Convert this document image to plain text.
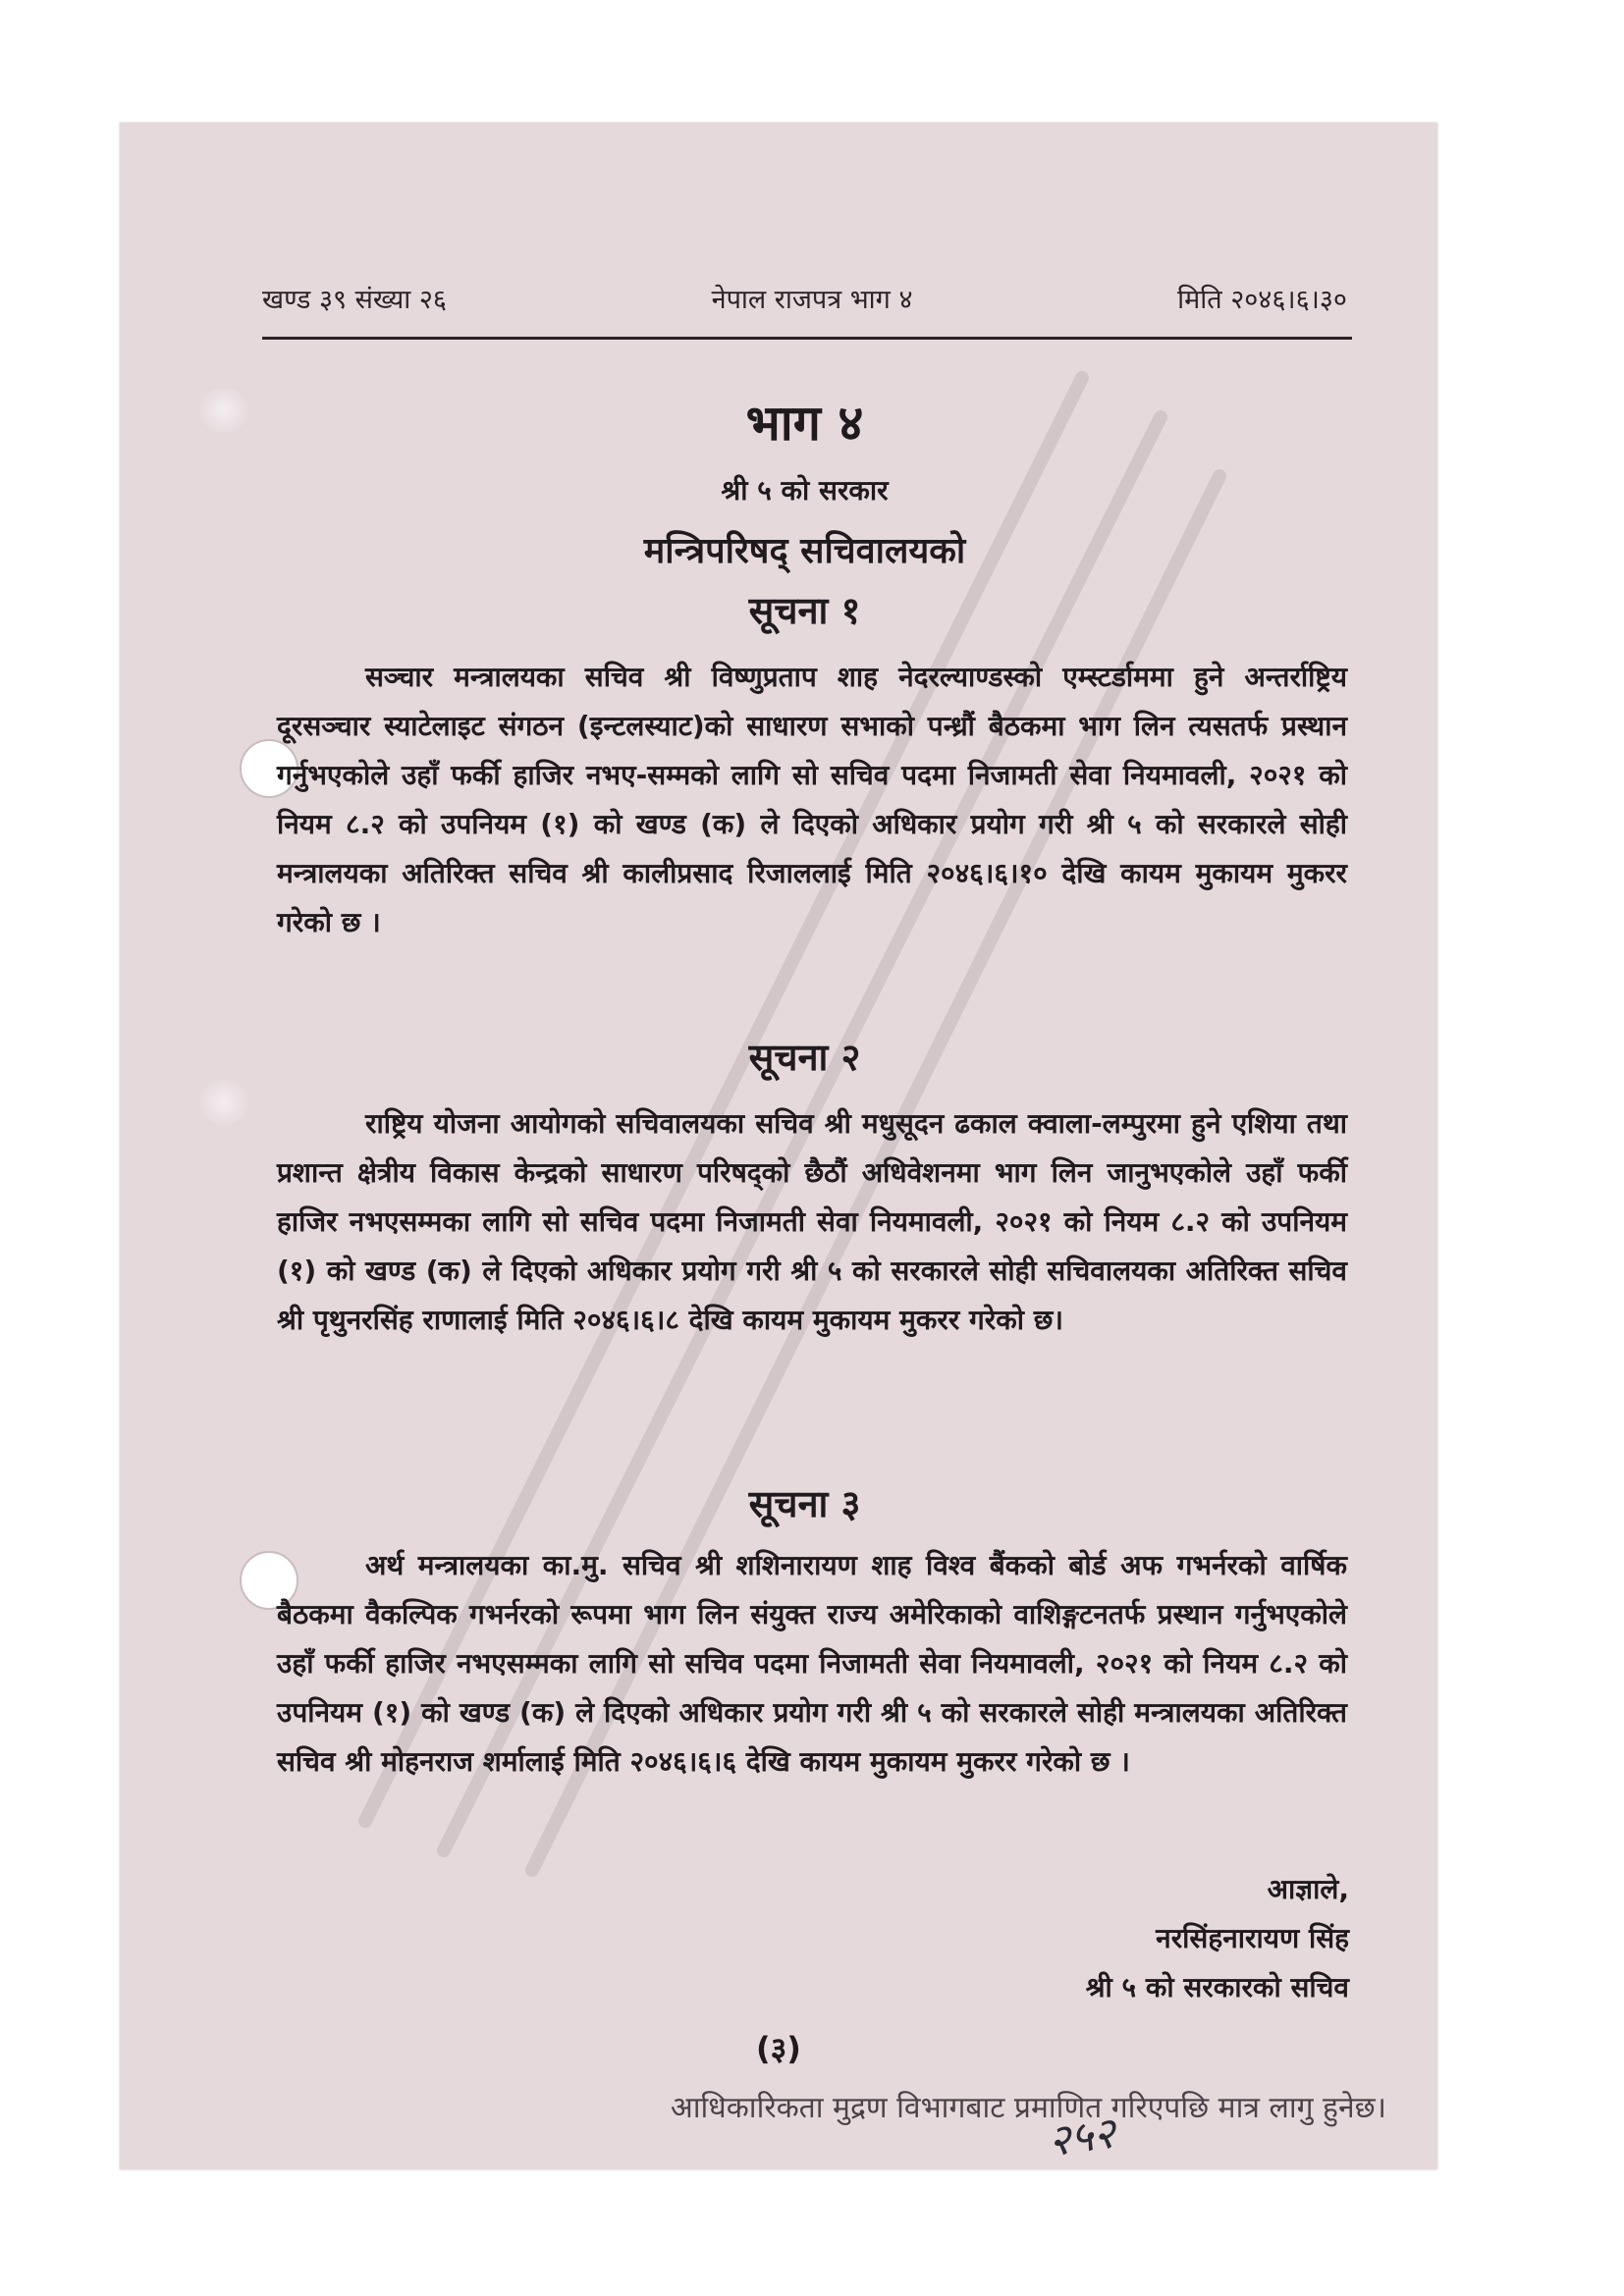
खण्ड ३९ संख्या २६	नेपाल राजपत्र भाग ४	मिति २०४६।६।३०
भाग ४
श्री ५ को सरकार
मन्त्रिपरिषद् सचिवालयको
सूचना १

सञ्चार मन्त्रालयका सचिव श्री विष्णुप्रताप शाह नेदरल्याण्डस्को एम्स्टर्डाममा हुने अन्तर्राष्ट्रिय दूरसञ्चार स्याटेलाइट संगठन (इन्टलस्याट)को साधारण सभाको पन्ध्रौं बैठकमा भाग लिन त्यसतर्फ प्रस्थान गर्नुभएकोले उहाँ फर्की हाजिर नभए-सम्मको लागि सो सचिव पदमा निजामती सेवा नियमावली, २०२१ को नियम ८.२ को उपनियम (१) को खण्ड (क) ले दिएको अधिकार प्रयोग गरी श्री ५ को सरकारले सोही मन्त्रालयका अतिरिक्त सचिव श्री कालीप्रसाद रिजाललाई मिति २०४६।६।१० देखि कायम मुकायम मुकरर गरेको छ ।

सूचना २

राष्ट्रिय योजना आयोगको सचिवालयका सचिव श्री मधुसूदन ढकाल क्वाला-लम्पुरमा हुने एशिया तथा प्रशान्त क्षेत्रीय विकास केन्द्रको साधारण परिषद्को छैठौं अधिवेशनमा भाग लिन जानुभएकोले उहाँ फर्की हाजिर नभएसम्मका लागि सो सचिव पदमा निजामती सेवा नियमावली, २०२१ को नियम ८.२ को उपनियम (१) को खण्ड (क) ले दिएको अधिकार प्रयोग गरी श्री ५ को सरकारले सोही सचिवालयका अतिरिक्त सचिव श्री पृथुनरसिंह राणालाई मिति २०४६।६।८ देखि कायम मुकायम मुकरर गरेको छ।

सूचना ३

अर्थ मन्त्रालयका का.मु. सचिव श्री शशिनारायण शाह विश्व बैंकको बोर्ड अफ गभर्नरको वार्षिक बैठकमा वैकल्पिक गभर्नरको रूपमा भाग लिन संयुक्त राज्य अमेरिकाको वाशिङ्गटनतर्फ प्रस्थान गर्नुभएकोले उहाँ फर्की हाजिर नभएसम्मका लागि सो सचिव पदमा निजामती सेवा नियमावली, २०२१ को नियम ८.२ को उपनियम (१) को खण्ड (क) ले दिएको अधिकार प्रयोग गरी श्री ५ को सरकारले सोही मन्त्रालयका अतिरिक्त सचिव श्री मोहनराज शर्मालाई मिति २०४६।६।६ देखि कायम मुकायम मुकरर गरेको छ ।

आज्ञाले,
नरसिंहनारायण सिंह
श्री ५ को सरकारको सचिव
(३)
आधिकारिकता मुद्रण विभागबाट प्रमाणित गरिएपछि मात्र लागु हुनेछ।
२५२
